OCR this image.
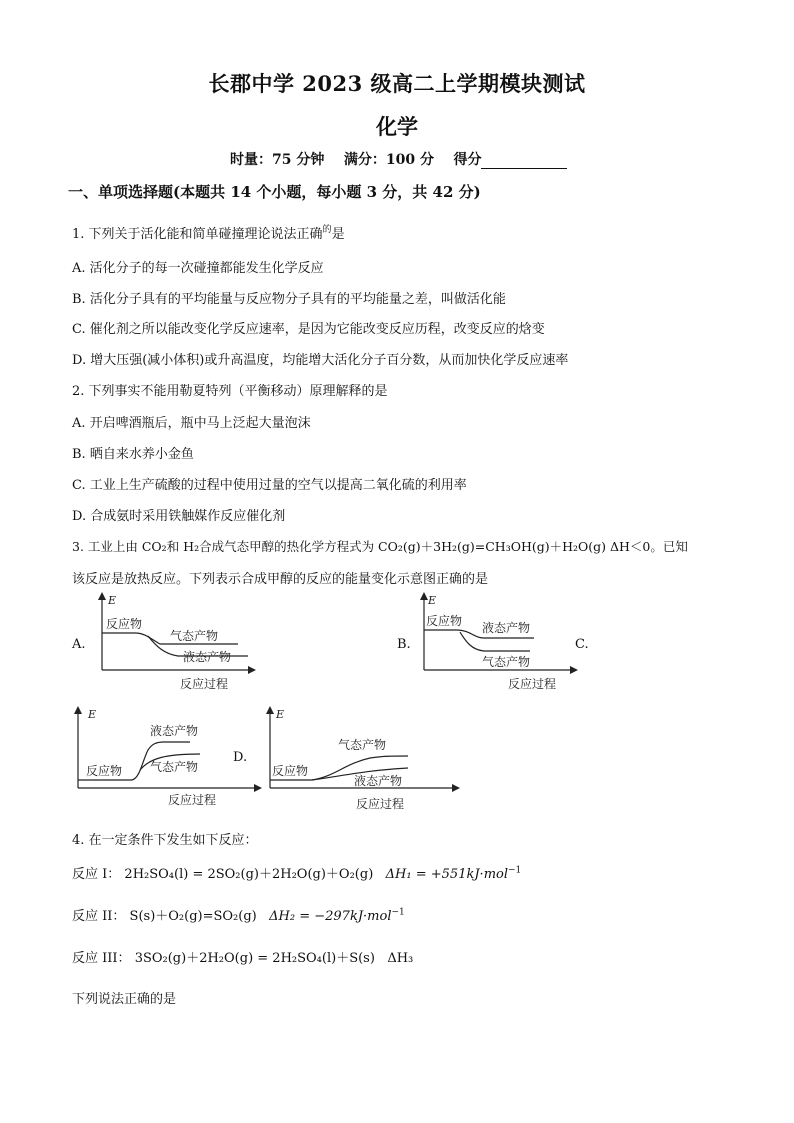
长郡中学 2023 级高二上学期模块测试
化学
时量：75 分钟 满分：100 分 得分
一、单项选择题(本题共 14 个小题，每小题 3 分，共 42 分)
1. 下列关于活化能和简单碰撞理论说法正确$^的$是
A. 活化分子的每一次碰撞都能发生化学反应
B. 活化分子具有的平均能量与反应物分子具有的平均能量之差，叫做活化能
C. 催化剂之所以能改变化学反应速率，是因为它能改变反应历程，改变反应的焓变
D. 增大压强(减小体积)或升高温度，均能增大活化分子百分数，从而加快化学反应速率
2. 下列事实不能用勒夏特列（平衡移动）原理解释的是
A. 开启啤酒瓶后，瓶中马上泛起大量泡沫
B. 晒自来水养小金鱼
C. 工业上生产硫酸的过程中使用过量的空气以提高二氧化硫的利用率
D. 合成氨时采用铁触媒作反应催化剂
3. 工业上由 CO₂和 H₂合成气态甲醇的热化学方程式为 CO₂(g)＋3H₂(g)=CH₃OH(g)＋H₂O(g) ΔH＜0。已知
该反应是放热反应。下列表示合成甲醇的反应的能量变化示意图正确的是
A.	B.	C.
D.
E
反应过程
反应物
气态产物
液态产物
E
反应过程
反应物 液态产物
气态产物
E
反应过程
反应物
液态产物
气态产物
E
反应过程
反应物
气态产物
液态产物
4. 在一定条件下发生如下反应：
反应 I： 2H₂SO₄(l) = 2SO₂(g)＋2H₂O(g)＋O₂(g) ΔH₁ = +551kJ·mol$^{-1}$
反应 II： S(s)＋O₂(g)=SO₂(g) ΔH₂ = −297kJ·mol$^{-1}$
反应 III： 3SO₂(g)＋2H₂O(g) = 2H₂SO₄(l)＋S(s) ΔH₃
下列说法正确的是
